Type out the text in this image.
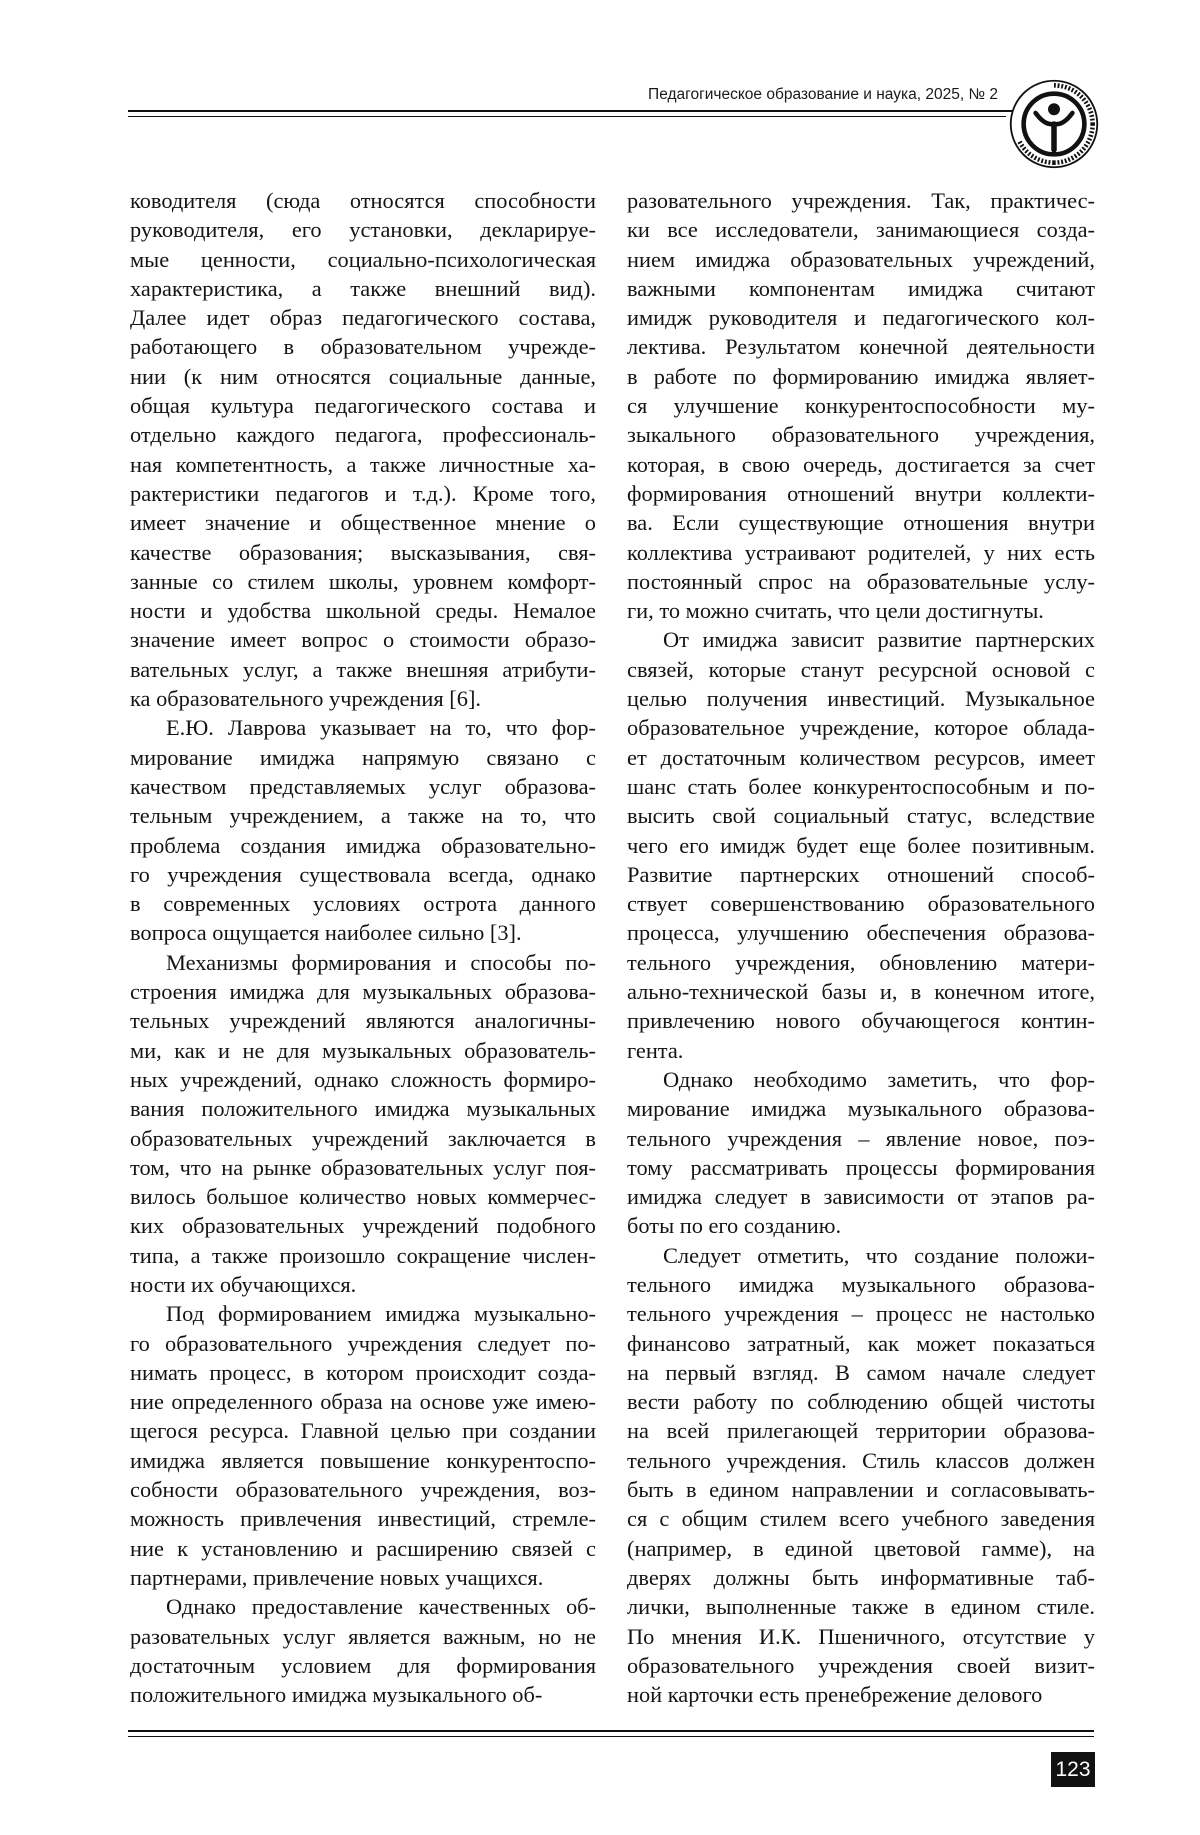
Педагогическое образование и наука, 2025, № 2
ководителя (сюда относятся способности
руководителя, его установки, декларируе-
мые ценности, социально-психологическая
характеристика, а также внешний вид).
Далее идет образ педагогического состава,
работающего в образовательном учрежде-
нии (к ним относятся социальные данные,
общая культура педагогического состава и
отдельно каждого педагога, профессиональ-
ная компетентность, а также личностные ха-
рактеристики педагогов и т.д.). Кроме того,
имеет значение и общественное мнение о
качестве образования; высказывания, свя-
занные со стилем школы, уровнем комфорт-
ности и удобства школьной среды. Немалое
значение имеет вопрос о стоимости образо-
вательных услуг, а также внешняя атрибути-
ка образовательного учреждения [6].
Е.Ю. Лаврова указывает на то, что фор-
мирование имиджа напрямую связано с
качеством представляемых услуг образова-
тельным учреждением, а также на то, что
проблема создания имиджа образовательно-
го учреждения существовала всегда, однако
в современных условиях острота данного
вопроса ощущается наиболее сильно [3].
Механизмы формирования и способы по-
строения имиджа для музыкальных образова-
тельных учреждений являются аналогичны-
ми, как и не для музыкальных образователь-
ных учреждений, однако сложность формиро-
вания положительного имиджа музыкальных
образовательных учреждений заключается в
том, что на рынке образовательных услуг поя-
вилось большое количество новых коммерчес-
ких образовательных учреждений подобного
типа, а также произошло сокращение числен-
ности их обучающихся.
Под формированием имиджа музыкально-
го образовательного учреждения следует по-
нимать процесс, в котором происходит созда-
ние определенного образа на основе уже имею-
щегося ресурса. Главной целью при создании
имиджа является повышение конкурентоспо-
собности образовательного учреждения, воз-
можность привлечения инвестиций, стремле-
ние к установлению и расширению связей с
партнерами, привлечение новых учащихся.
Однако предоставление качественных об-
разовательных услуг является важным, но не
достаточным условием для формирования
положительного имиджа музыкального об-
разовательного учреждения. Так, практичес-
ки все исследователи, занимающиеся созда-
нием имиджа образовательных учреждений,
важными компонентам имиджа считают
имидж руководителя и педагогического кол-
лектива. Результатом конечной деятельности
в работе по формированию имиджа являет-
ся улучшение конкурентоспособности му-
зыкального образовательного учреждения,
которая, в свою очередь, достигается за счет
формирования отношений внутри коллекти-
ва. Если существующие отношения внутри
коллектива устраивают родителей, у них есть
постоянный спрос на образовательные услу-
ги, то можно считать, что цели достигнуты.
От имиджа зависит развитие партнерских
связей, которые станут ресурсной основой с
целью получения инвестиций. Музыкальное
образовательное учреждение, которое облада-
ет достаточным количеством ресурсов, имеет
шанс стать более конкурентоспособным и по-
высить свой социальный статус, вследствие
чего его имидж будет еще более позитивным.
Развитие партнерских отношений способ-
ствует совершенствованию образовательного
процесса, улучшению обеспечения образова-
тельного учреждения, обновлению матери-
ально-технической базы и, в конечном итоге,
привлечению нового обучающегося контин-
гента.
Однако необходимо заметить, что фор-
мирование имиджа музыкального образова-
тельного учреждения – явление новое, поэ-
тому рассматривать процессы формирования
имиджа следует в зависимости от этапов ра-
боты по его созданию.
Следует отметить, что создание положи-
тельного имиджа музыкального образова-
тельного учреждения – процесс не настолько
финансово затратный, как может показаться
на первый взгляд. В самом начале следует
вести работу по соблюдению общей чистоты
на всей прилегающей территории образова-
тельного учреждения. Стиль классов должен
быть в едином направлении и согласовывать-
ся с общим стилем всего учебного заведения
(например, в единой цветовой гамме), на
дверях должны быть информативные таб-
лички, выполненные также в едином стиле.
По мнения И.К. Пшеничного, отсутствие у
образовательного учреждения своей визит-
ной карточки есть пренебрежение делового
123
